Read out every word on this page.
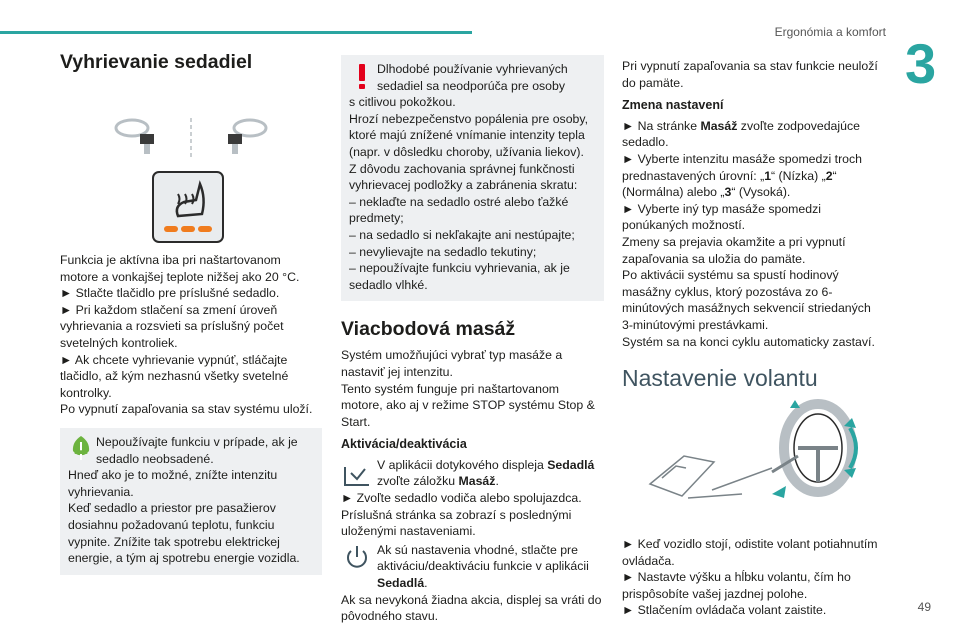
Ergonómia a komfort 3
49
Vyhrievanie sedadiel
Funkcia je aktívna iba pri naštartovanom motore a vonkajšej teplote nižšej ako 20 °C.
► Stlačte tlačidlo pre príslušné sedadlo.
► Pri každom stlačení sa zmení úroveň vyhrievania a rozsvieti sa príslušný počet svetelných kontroliek.
► Ak chcete vyhrievanie vypnúť, stláčajte tlačidlo, až kým nezhasnú všetky svetelné kontrolky.
Po vypnutí zapaľovania sa stav systému uloží.
Nepoužívajte funkciu v prípade, ak je sedadlo neobsadené.
Hneď ako je to možné, znížte intenzitu vyhrievania.
Keď sedadlo a priestor pre pasažierov dosiahnu požadovanú teplotu, funkciu vypnite. Znížite tak spotrebu elektrickej energie, a tým aj spotrebu energie vozidla.
Dlhodobé používanie vyhrievaných sedadiel sa neodporúča pre osoby
s citlivou pokožkou.
Hrozí nebezpečenstvo popálenia pre osoby, ktoré majú znížené vnímanie intenzity tepla (napr. v dôsledku choroby, užívania liekov).
Z dôvodu zachovania správnej funkčnosti vyhrievacej podložky a zabránenia skratu:
– neklaďte na sedadlo ostré alebo ťažké predmety;
– na sedadlo si nekľakajte ani nestúpajte;
– nevylievajte na sedadlo tekutiny;
– nepoužívajte funkciu vyhrievania, ak je sedadlo vlhké.
Viacbodová masáž
Systém umožňujúci vybrať typ masáže a nastaviť jej intenzitu.
Tento systém funguje pri naštartovanom motore, ako aj v režime STOP systému Stop & Start.
Aktivácia/deaktivácia
V aplikácii dotykového displeja Sedadlá zvoľte záložku Masáž.
► Zvoľte sedadlo vodiča alebo spolujazdca.
Príslušná stránka sa zobrazí s poslednými uloženými nastaveniami.
Ak sú nastavenia vhodné, stlačte pre aktiváciu/deaktiváciu funkcie v aplikácii Sedadlá.
Ak sa nevykoná žiadna akcia, displej sa vráti do pôvodného stavu.
Pri vypnutí zapaľovania sa stav funkcie neuloží do pamäte.
Zmena nastavení
► Na stránke Masáž zvoľte zodpovedajúce sedadlo.
► Vyberte intenzitu masáže spomedzi troch prednastavených úrovní: „1“ (Nízka) „2“ (Normálna) alebo „3“ (Vysoká).
► Vyberte iný typ masáže spomedzi ponúkaných možností.
Zmeny sa prejavia okamžite a pri vypnutí zapaľovania sa uložia do pamäte.
Po aktivácii systému sa spustí hodinový masážny cyklus, ktorý pozostáva zo 6-minútových masážnych sekvencií striedaných 3-minútovými prestávkami.
Systém sa na konci cyklu automaticky zastaví.
Nastavenie volantu
► Keď vozidlo stojí, odistite volant potiahnutím ovládača.
► Nastavte výšku a hĺbku volantu, čím ho prispôsobíte vašej jazdnej polohe.
► Stlačením ovládača volant zaistite.
